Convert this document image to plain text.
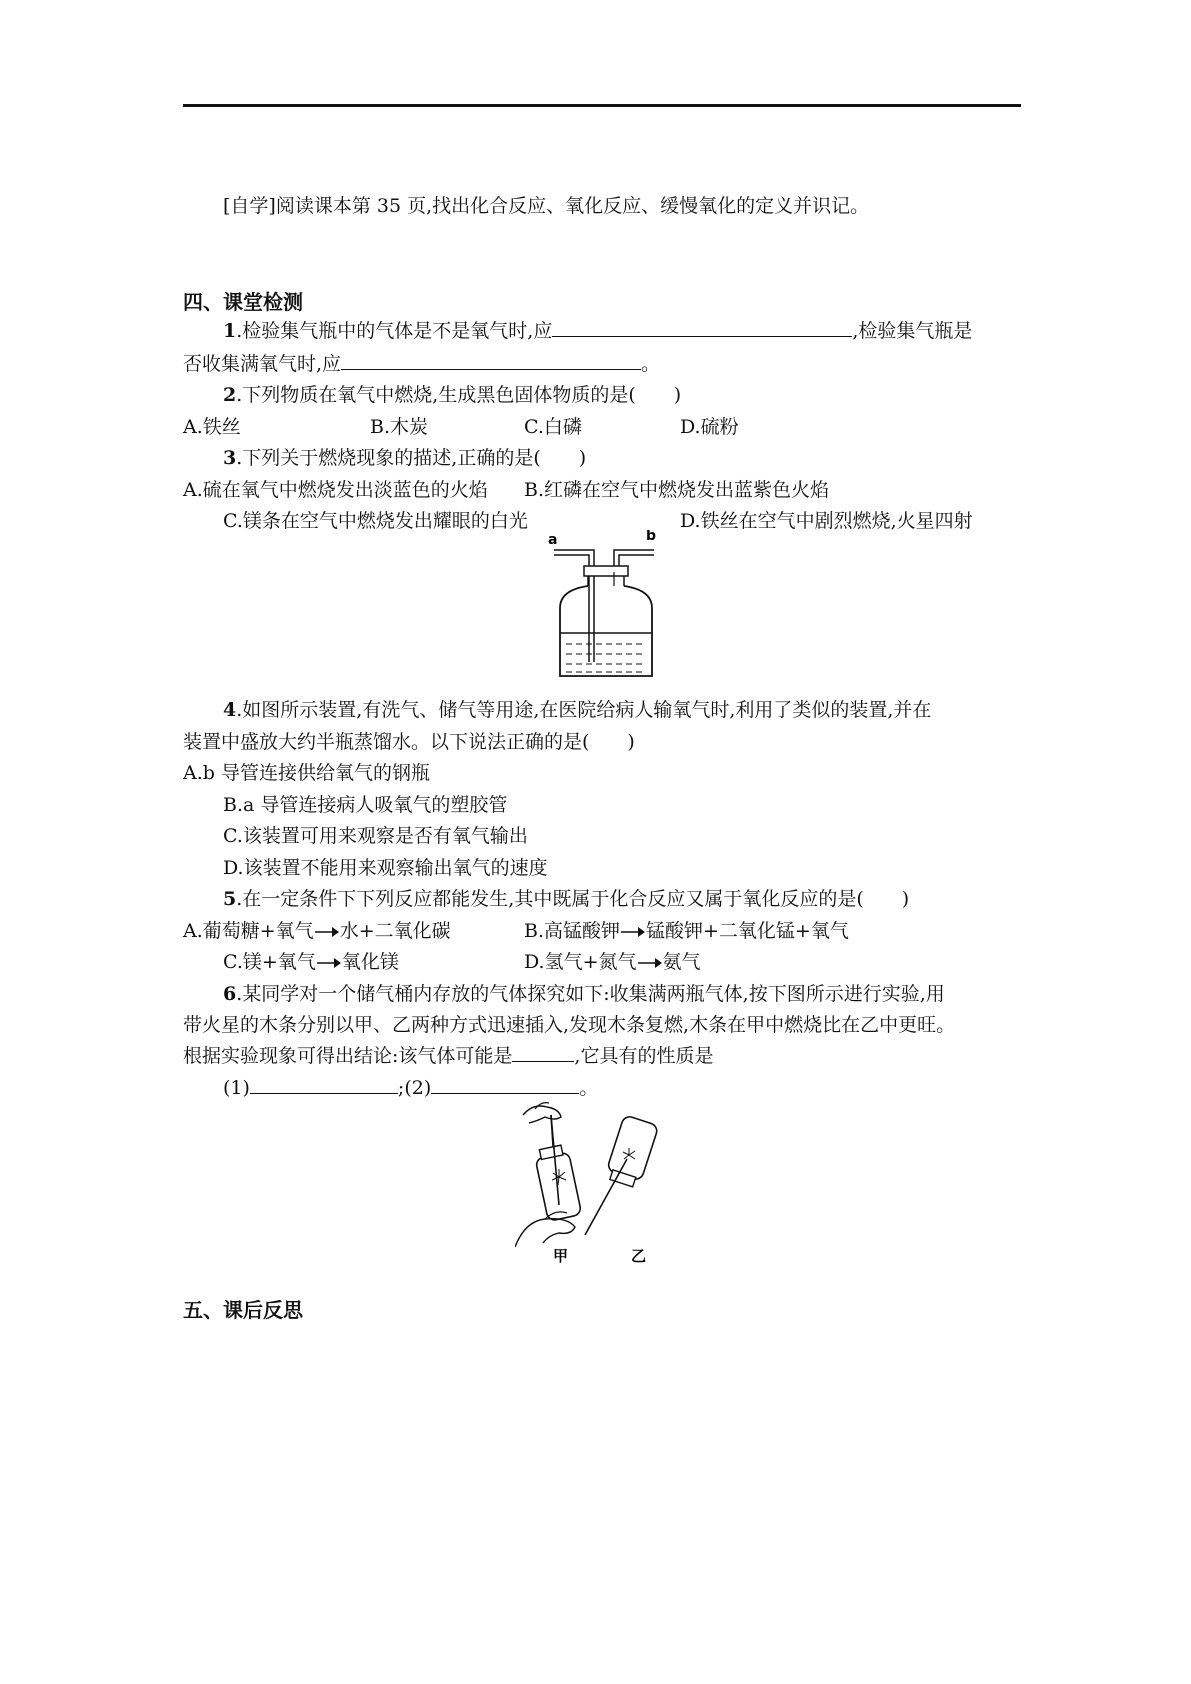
[自学]阅读课本第 35 页,找出化合反应、氧化反应、缓慢氧化的定义并识记。
四、课堂检测
1.检验集气瓶中的气体是不是氧气时,应	,检验集气瓶是
否收集满氧气时,应	。
2.下列物质在氧气中燃烧,生成黑色固体物质的是(　　)
A.铁丝	B.木炭	C.白磷	D.硫粉
3.下列关于燃烧现象的描述,正确的是(　　)
A.硫在氧气中燃烧发出淡蓝色的火焰 B.红磷在空气中燃烧发出蓝紫色火焰
C.镁条在空气中燃烧发出耀眼的白光	D.铁丝在空气中剧烈燃烧,火星四射
a	b
4.如图所示装置,有洗气、储气等用途,在医院给病人输氧气时,利用了类似的装置,并在
装置中盛放大约半瓶蒸馏水。以下说法正确的是(　　)
A.b 导管连接供给氧气的钢瓶
B.a 导管连接病人吸氧气的塑胶管
C.该装置可用来观察是否有氧气输出
D.该装置不能用来观察输出氧气的速度
5.在一定条件下下列反应都能发生,其中既属于化合反应又属于氧化反应的是(　　)
A.葡萄糖+氧气→水+二氧化碳	B.高锰酸钾→锰酸钾+二氧化锰+氧气
C.镁+氧气→氧化镁	D.氢气+氮气→氨气
6.某同学对一个储气桶内存放的气体探究如下:收集满两瓶气体,按下图所示进行实验,用
带火星的木条分别以甲、乙两种方式迅速插入,发现木条复燃,木条在甲中燃烧比在乙中更旺。
根据实验现象可得出结论:该气体可能是	,它具有的性质是
(1)	;(2)	。
甲	乙
五、课后反思
